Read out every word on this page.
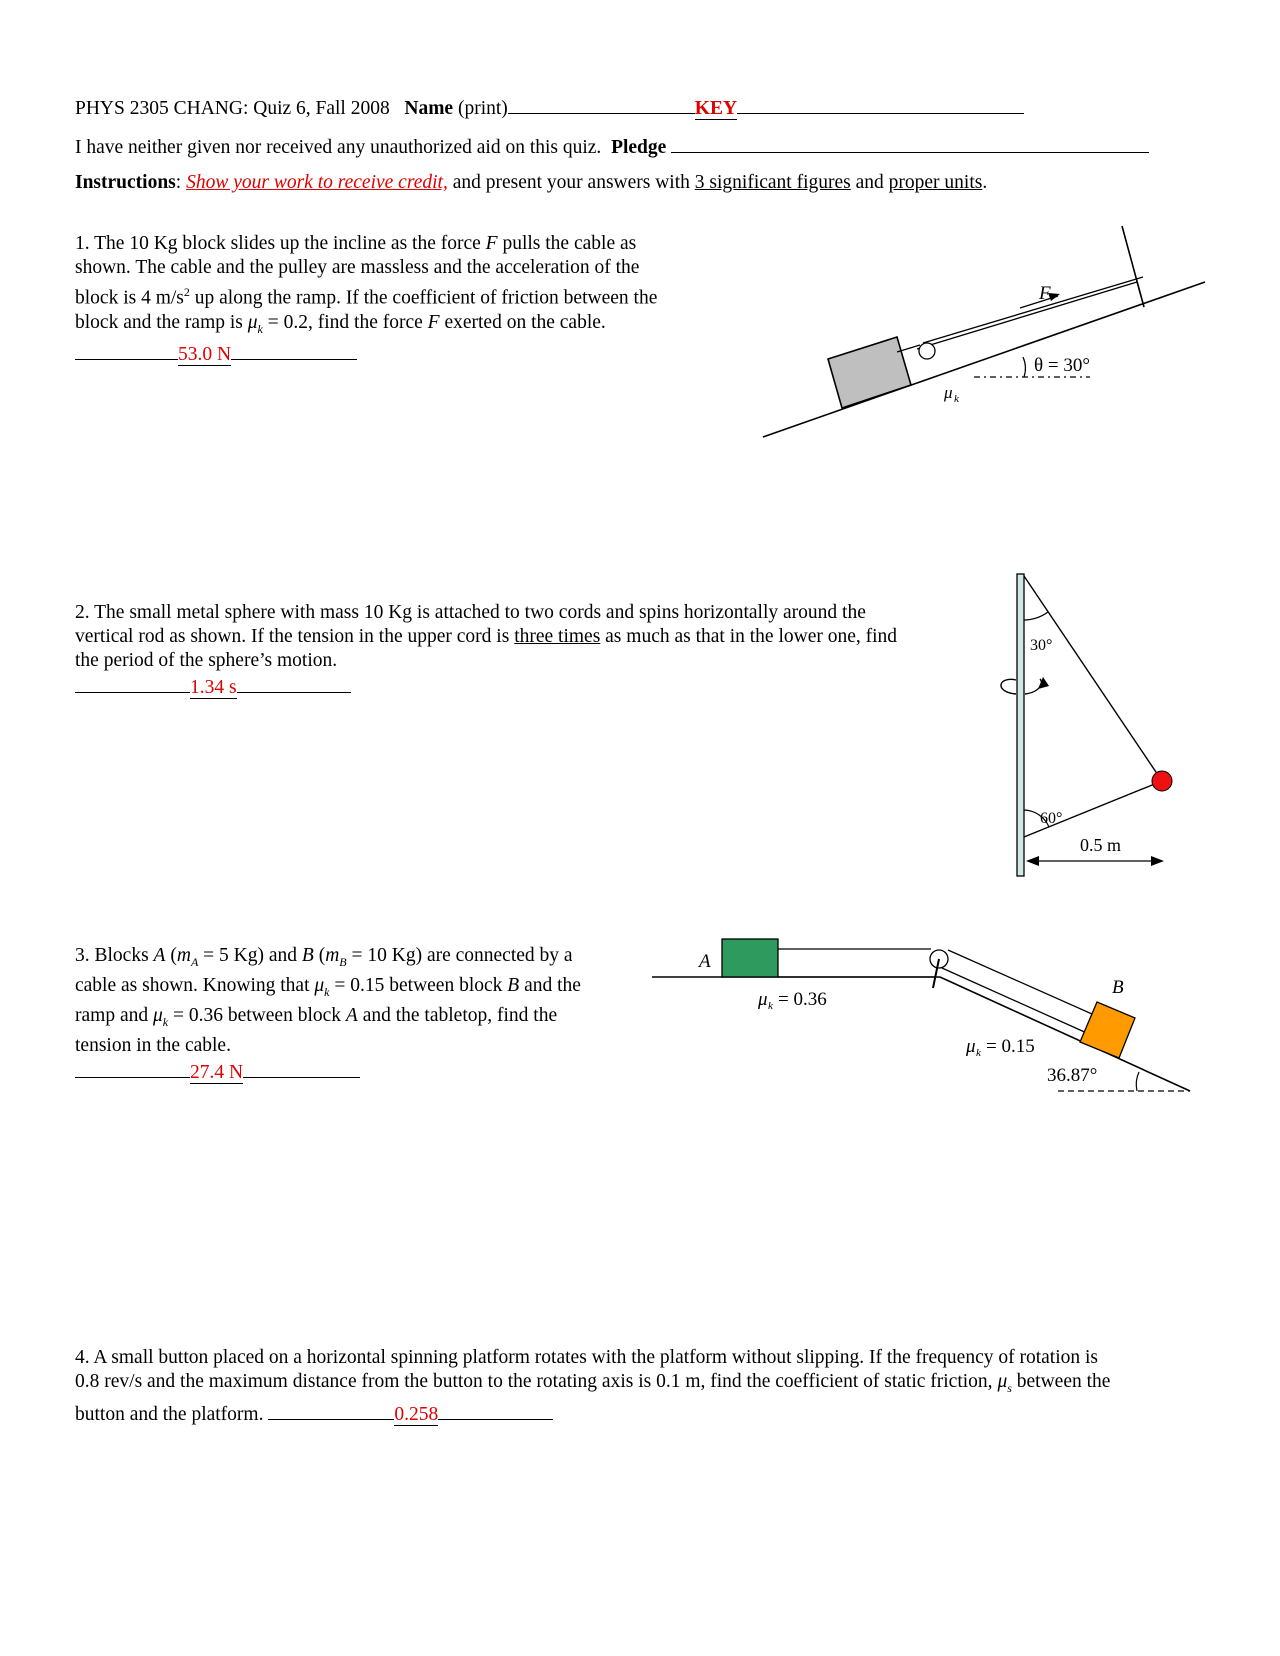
PHYS 2305 CHANG: Quiz 6, Fall 2008 Name (print)	KEY
I have neither given nor received any unauthorized aid on this quiz. Pledge
Instructions: Show your work to receive credit, and present your answers with 3 significant figures and proper units.
1. The 10 Kg block slides up the incline as the force F pulls the cable as
shown. The cable and the pulley are massless and the acceleration of the
block is 4 $m/s^2$ up along the ramp. If the coefficient of friction between the
block and the ramp is $\mu_k = 0.2$, find the force F exerted on the cable.
53.0 N
F
θ = 30°
μ k
2. The small metal sphere with mass 10 Kg is attached to two cords and spins horizontally around the
vertical rod as shown. If the tension in the upper cord is three times as much as that in the lower one, find
the period of the sphere’s motion.
1.34 s
30°
60°
0.5 m
3. Blocks A ($m_A = 5$ Kg) and B ($m_B = 10$ Kg) are connected by a
cable as shown. Knowing that $\mu_k = 0.15$ between block B and the
ramp and $\mu_k = 0.36$ between block A and the tabletop, find the
tension in the cable.
27.4 N
A
B
36.87°
μ k = 0.36
μ k = 0.15
4. A small button placed on a horizontal spinning platform rotates with the platform without slipping. If the frequency of rotation is
0.8 rev/s and the maximum distance from the button to the rotating axis is 0.1 m, find the coefficient of static friction, $\mu_s$ between the
button and the platform.	0.258
